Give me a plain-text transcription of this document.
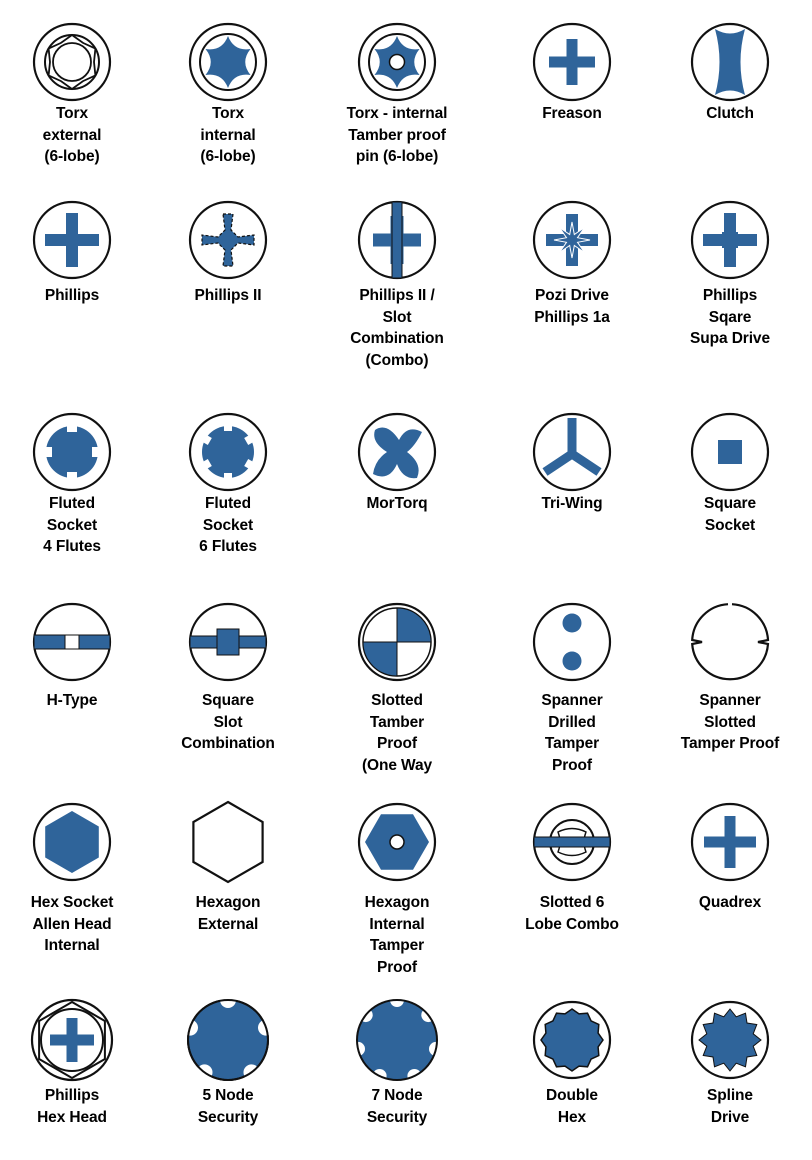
Torx
external
(6-lobe)
Torx
internal
(6-lobe)
Torx - internal
Tamber proof
pin (6-lobe)
Freason	Clutch
Phillips	Phillips II	Phillips II /
Slot
Combination
(Combo)
Pozi Drive
Phillips 1a
Phillips
Sqare
Supa Drive
Fluted
Socket
4 Flutes
Fluted
Socket
6 Flutes
MorTorq	Tri-Wing	Square
Socket
H-Type	Square
Slot
Combination
Slotted
Tamber
Proof
(One Way
Spanner
Drilled
Tamper
Proof
Spanner
Slotted
Tamper Proof
Hex Socket
Allen Head
Internal
Hexagon
External
Hexagon
Internal
Tamper
Proof
Slotted 6
Lobe Combo
Quadrex
Phillips
Hex Head
5 Node
Security
7 Node
Security
Double
Hex
Spline
Drive
